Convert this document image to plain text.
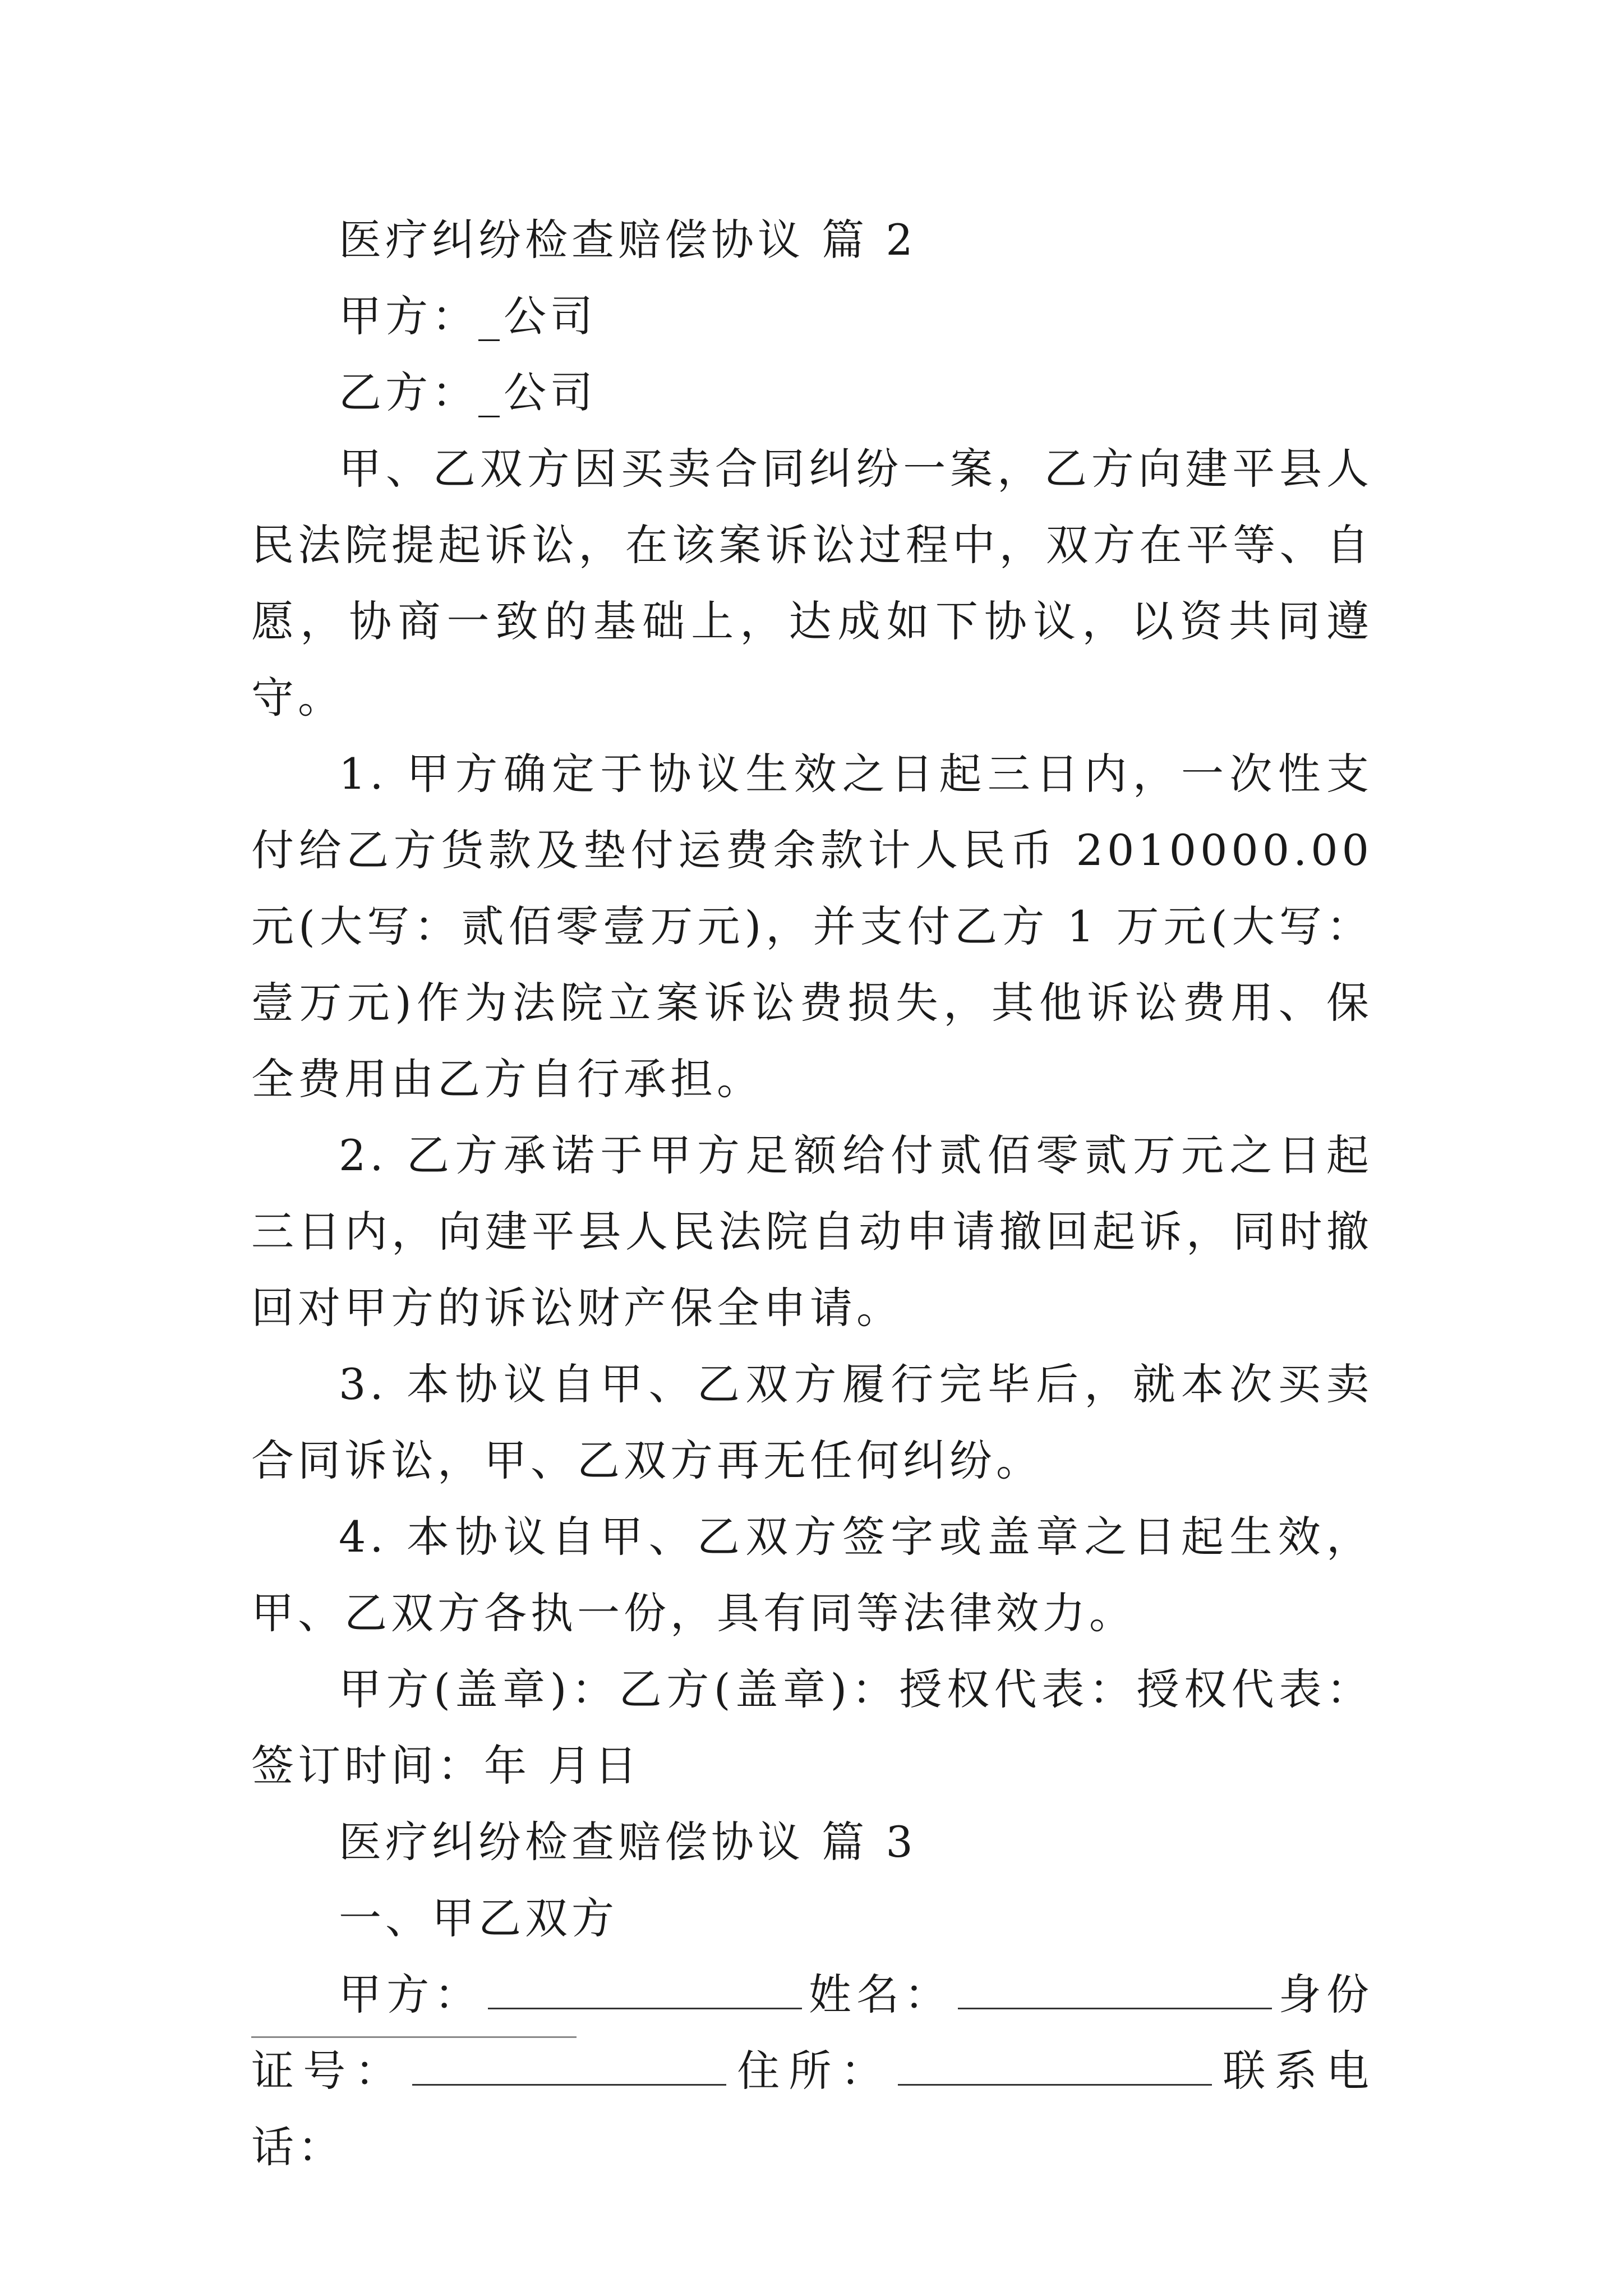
医疗纠纷检查赔偿协议 篇 2

甲方：_公司

乙方：_公司

甲、乙双方因买卖合同纠纷一案，乙方向建平县人民法院提起诉讼，在该案诉讼过程中，双方在平等、自愿，协商一致的基础上，达成如下协议，以资共同遵守。

1. 甲方确定于协议生效之日起三日内，一次性支付给乙方货款及垫付运费余款计人民币 2010000.00 元(大写：贰佰零壹万元)，并支付乙方 1 万元(大写：壹万元)作为法院立案诉讼费损失，其他诉讼费用、保全费用由乙方自行承担。

2. 乙方承诺于甲方足额给付贰佰零贰万元之日起三日内，向建平县人民法院自动申请撤回起诉，同时撤回对甲方的诉讼财产保全申请。

3. 本协议自甲、乙双方履行完毕后，就本次买卖合同诉讼，甲、乙双方再无任何纠纷。

4. 本协议自甲、乙双方签字或盖章之日起生效，甲、乙双方各执一份，具有同等法律效力。

甲方(盖章)：乙方(盖章)：授权代表：授权代表：签订时间：年 月日

医疗纠纷检查赔偿协议 篇 3

一、甲乙双方

甲方：	姓名：	身份证号：	住所：	联系电话：
